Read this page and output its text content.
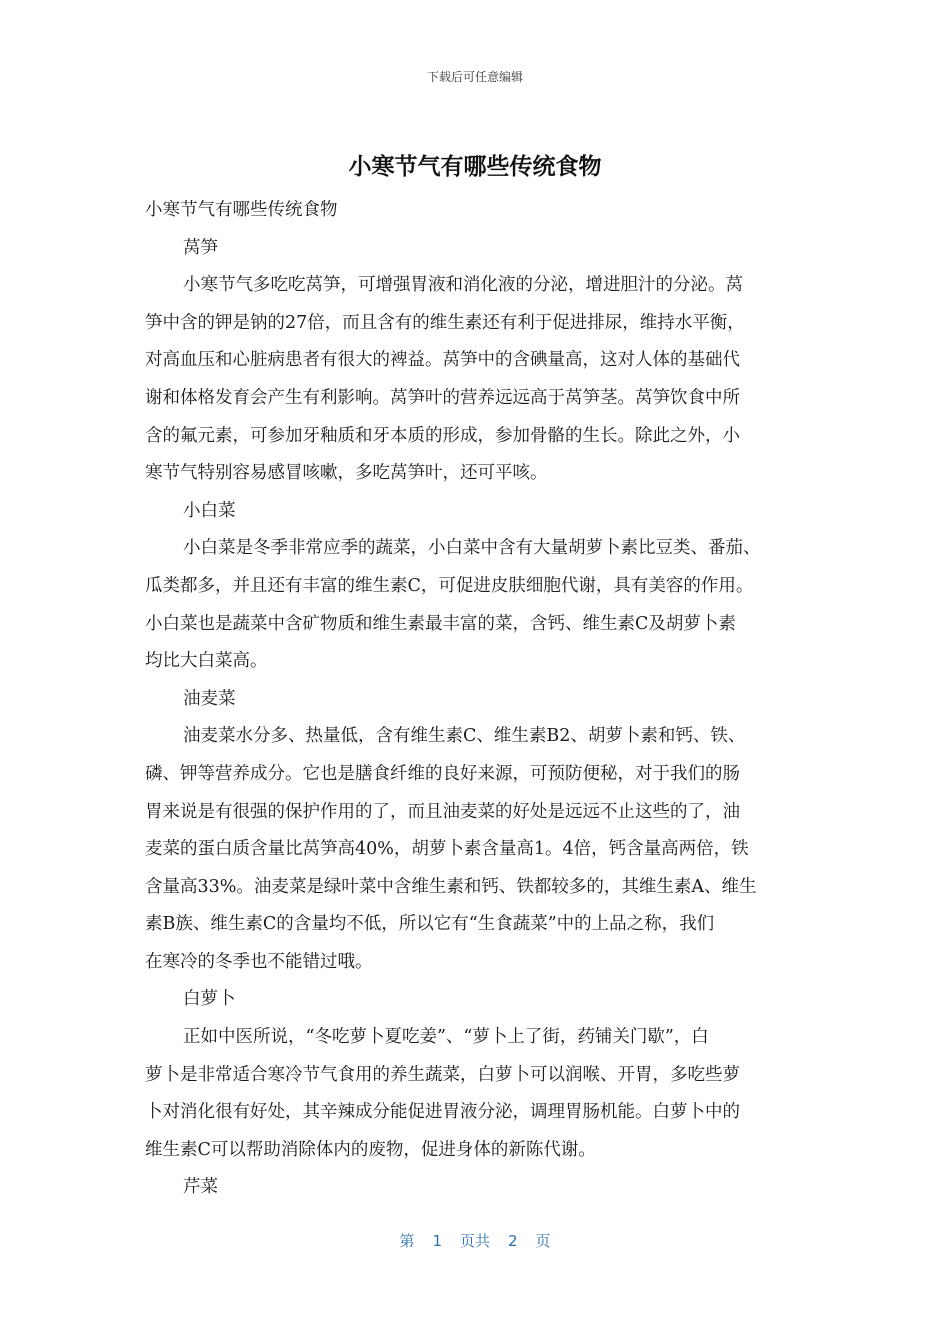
下载后可任意编辑
小寒节气有哪些传统食物
小寒节气有哪些传统食物
莴笋
小寒节气多吃吃莴笋，可增强胃液和消化液的分泌，增进胆汁的分泌。莴
笋中含的钾是钠的27倍，而且含有的维生素还有利于促进排尿，维持水平衡，
对高血压和心脏病患者有很大的裨益。莴笋中的含碘量高，这对人体的基础代
谢和体格发育会产生有利影响。莴笋叶的营养远远高于莴笋茎。莴笋饮食中所
含的氟元素，可参加牙釉质和牙本质的形成，参加骨骼的生长。除此之外，小
寒节气特别容易感冒咳嗽，多吃莴笋叶，还可平咳。
小白菜
小白菜是冬季非常应季的蔬菜，小白菜中含有大量胡萝卜素比豆类、番茄、
瓜类都多，并且还有丰富的维生素C，可促进皮肤细胞代谢，具有美容的作用。
小白菜也是蔬菜中含矿物质和维生素最丰富的菜，含钙、维生素C及胡萝卜素
均比大白菜高。
油麦菜
油麦菜水分多、热量低，含有维生素C、维生素B2、胡萝卜素和钙、铁、
磷、钾等营养成分。它也是膳食纤维的良好来源，可预防便秘，对于我们的肠
胃来说是有很强的保护作用的了，而且油麦菜的好处是远远不止这些的了，油
麦菜的蛋白质含量比莴笋高40%，胡萝卜素含量高1。4倍，钙含量高两倍，铁
含量高33%。油麦菜是绿叶菜中含维生素和钙、铁都较多的，其维生素A、维生
素B族、维生素C的含量均不低，所以它有“生食蔬菜”中的上品之称，我们
在寒冷的冬季也不能错过哦。
白萝卜
正如中医所说，“冬吃萝卜夏吃姜”、“萝卜上了街，药铺关门歇”，白
萝卜是非常适合寒冷节气食用的养生蔬菜，白萝卜可以润喉、开胃，多吃些萝
卜对消化很有好处，其辛辣成分能促进胃液分泌，调理胃肠机能。白萝卜中的
维生素C可以帮助消除体内的废物，促进身体的新陈代谢。
芹菜
第 1 页共 2 页
